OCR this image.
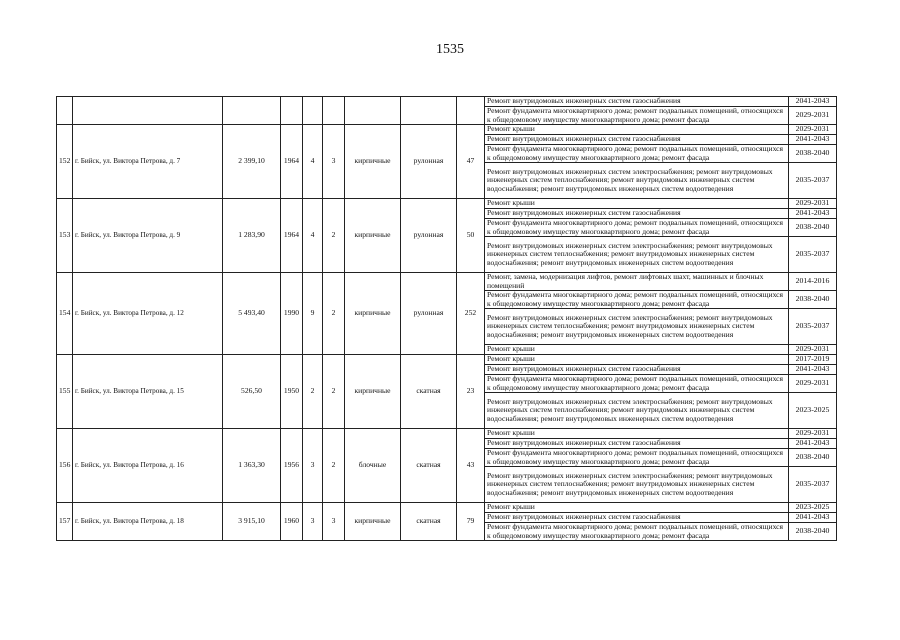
1535
									Ремонт внутридомовых инженерных систем газоснабжения	2041-2043
									Ремонт фундамента многоквартирного дома; ремонт подвальных помещений, относящихся к общедомовому имуществу многоквартирного дома; ремонт фасада	2029-2031
152	г. Бийск, ул. Виктора Петрова, д. 7	2 399,10	1964	4	3	кирпичные	рулонная	47	Ремонт крыши	2029-2031
									Ремонт внутридомовых инженерных систем газоснабжения	2041-2043
									Ремонт фундамента многоквартирного дома; ремонт подвальных помещений, относящихся к общедомовому имуществу многоквартирного дома; ремонт фасада	2038-2040
									Ремонт внутридомовых инженерных систем электроснабжения; ремонт внутридомовых инженерных систем теплоснабжения; ремонт внутридомовых инженерных систем водоснабжения; ремонт внутридомовых инженерных систем водоотведения	2035-2037
153	г. Бийск, ул. Виктора Петрова, д. 9	1 283,90	1964	4	2	кирпичные	рулонная	50	Ремонт крыши	2029-2031
									Ремонт внутридомовых инженерных систем газоснабжения	2041-2043
									Ремонт фундамента многоквартирного дома; ремонт подвальных помещений, относящихся к общедомовому имуществу многоквартирного дома; ремонт фасада	2038-2040
									Ремонт внутридомовых инженерных систем электроснабжения; ремонт внутридомовых инженерных систем теплоснабжения; ремонт внутридомовых инженерных систем водоснабжения; ремонт внутридомовых инженерных систем водоотведения	2035-2037
154	г. Бийск, ул. Виктора Петрова, д. 12	5 493,40	1990	9	2	кирпичные	рулонная	252	Ремонт, замена, модернизация лифтов, ремонт лифтовых шахт, машинных и блочных помещений	2014-2016
									Ремонт фундамента многоквартирного дома; ремонт подвальных помещений, относящихся к общедомовому имуществу многоквартирного дома; ремонт фасада	2038-2040
									Ремонт внутридомовых инженерных систем электроснабжения; ремонт внутридомовых инженерных систем теплоснабжения; ремонт внутридомовых инженерных систем водоснабжения; ремонт внутридомовых инженерных систем водоотведения	2035-2037
									Ремонт крыши	2029-2031
155	г. Бийск, ул. Виктора Петрова, д. 15	526,50	1950	2	2	кирпичные	скатная	23	Ремонт крыши	2017-2019
									Ремонт внутридомовых инженерных систем газоснабжения	2041-2043
									Ремонт фундамента многоквартирного дома; ремонт подвальных помещений, относящихся к общедомовому имуществу многоквартирного дома; ремонт фасада	2029-2031
									Ремонт внутридомовых инженерных систем электроснабжения; ремонт внутридомовых инженерных систем теплоснабжения; ремонт внутридомовых инженерных систем водоснабжения; ремонт внутридомовых инженерных систем водоотведения	2023-2025
156	г. Бийск, ул. Виктора Петрова, д. 16	1 363,30	1956	3	2	блочные	скатная	43	Ремонт крыши	2029-2031
									Ремонт внутридомовых инженерных систем газоснабжения	2041-2043
									Ремонт фундамента многоквартирного дома; ремонт подвальных помещений, относящихся к общедомовому имуществу многоквартирного дома; ремонт фасада	2038-2040
									Ремонт внутридомовых инженерных систем электроснабжения; ремонт внутридомовых инженерных систем теплоснабжения; ремонт внутридомовых инженерных систем водоснабжения; ремонт внутридомовых инженерных систем водоотведения	2035-2037
157	г. Бийск, ул. Виктора Петрова, д. 18	3 915,10	1960	3	3	кирпичные	скатная	79	Ремонт крыши	2023-2025
									Ремонт внутридомовых инженерных систем газоснабжения	2041-2043
									Ремонт фундамента многоквартирного дома; ремонт подвальных помещений, относящихся к общедомовому имуществу многоквартирного дома; ремонт фасада	2038-2040
